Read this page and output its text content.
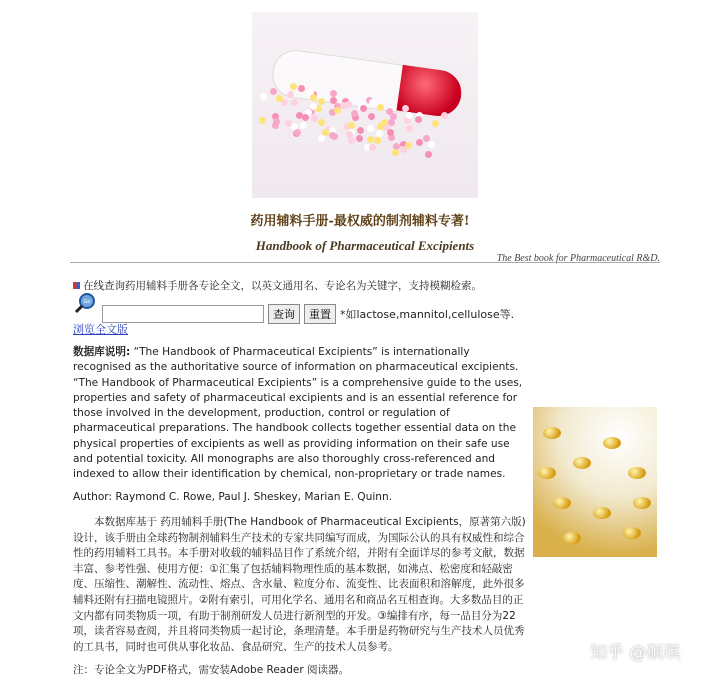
药用辅料手册-最权威的制剂辅料专著!
Handbook of Pharmaceutical Excipients
The Best book for Pharmaceutical R&D.
在线查询药用辅料手册各专论全文，以英文通用名、专论名为关键字，支持模糊检索。
Go
查询	重置 *如lactose,mannitol,cellulose等.
浏览全文版
数据库说明: “The Handbook of Pharmaceutical Excipients” is internationally recognised as the authoritative source of information on pharmaceutical excipients. “The Handbook of Pharmaceutical Excipients” is a comprehensive guide to the uses, properties and safety of pharmaceutical excipients and is an essential reference for those involved in the development, production, control or regulation of pharmaceutical preparations. The handbook collects together essential data on the physical properties of excipients as well as providing information on their safe use and potential toxicity. All monographs are also thoroughly cross-referenced and indexed to allow their identification by chemical, non-proprietary or trade names.
Author: Raymond C. Rowe, Paul J. Sheskey, Marian E. Quinn.
本数据库基于 药用辅料手册(The Handbook of Pharmaceutical Excipients，原著第六版)设计，该手册由全球药物制剂辅料生产技术的专家共同编写而成，为国际公认的具有权威性和综合性的药用辅料工具书。本手册对收载的辅料品目作了系统介绍，并附有全面详尽的参考文献，数据丰富、参考性强、使用方便：①汇集了包括辅料物理性质的基本数据，如沸点、松密度和轻敲密度、压缩性、潮解性、流动性、熔点、含水量、粒度分布、流变性、比表面积和溶解度，此外很多辅料还附有扫描电镜照片。②附有索引，可用化学名、通用名和商品名互相查询。大多数品目的正文内都有同类物质一项，有助于制剂研发人员进行新剂型的开发。③编排有序，每一品目分为22项，读者容易查阅，并且将同类物质一起讨论，条理清楚。本手册是药物研究与生产技术人员优秀的工具书，同时也可供从事化妆品、食品研究、生产的技术人员参考。
注：专论全文为PDF格式，需安装Adobe Reader 阅读器。
知乎 @硕琪
